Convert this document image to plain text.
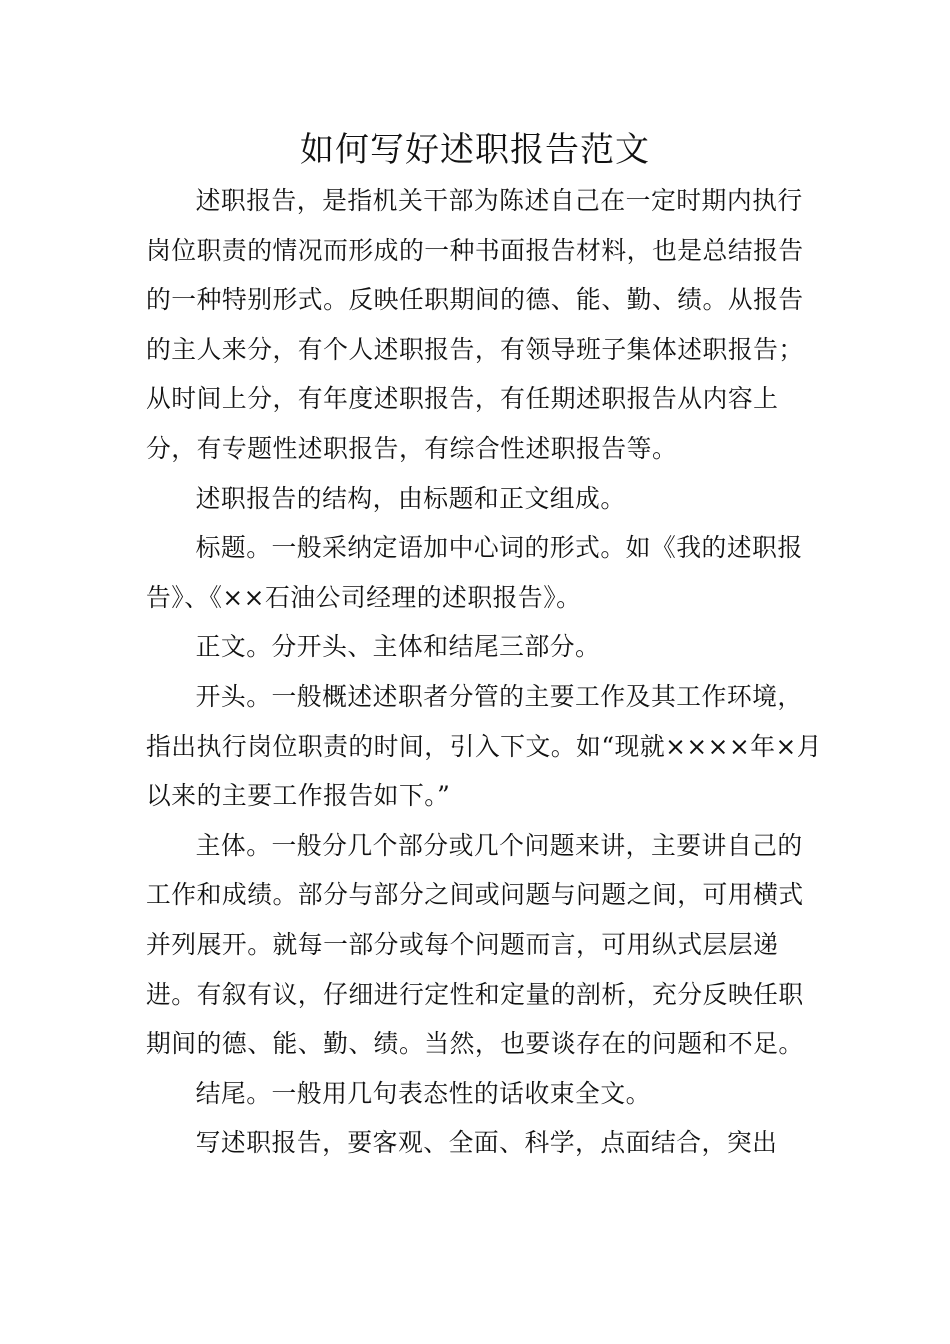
如何写好述职报告范文

述职报告，是指机关干部为陈述自己在一定时期内执行岗位职责的情况而形成的一种书面报告材料，也是总结报告的一种特别形式。反映任职期间的德、能、勤、绩。从报告的主人来分，有个人述职报告，有领导班子集体述职报告；从时间上分，有年度述职报告，有任期述职报告从内容上分，有专题性述职报告，有综合性述职报告等。

述职报告的结构，由标题和正文组成。

标题。一般采纳定语加中心词的形式。如《我的述职报告》、《××石油公司经理的述职报告》。

正文。分开头、主体和结尾三部分。

开头。一般概述述职者分管的主要工作及其工作环境，指出执行岗位职责的时间，引入下文。如“现就××××年×月以来的主要工作报告如下。”

主体。一般分几个部分或几个问题来讲，主要讲自己的工作和成绩。部分与部分之间或问题与问题之间，可用横式并列展开。就每一部分或每个问题而言，可用纵式层层递进。有叙有议，仔细进行定性和定量的剖析，充分反映任职期间的德、能、勤、绩。当然，也要谈存在的问题和不足。

结尾。一般用几句表态性的话收束全文。

写述职报告，要客观、全面、科学，点面结合，突出
